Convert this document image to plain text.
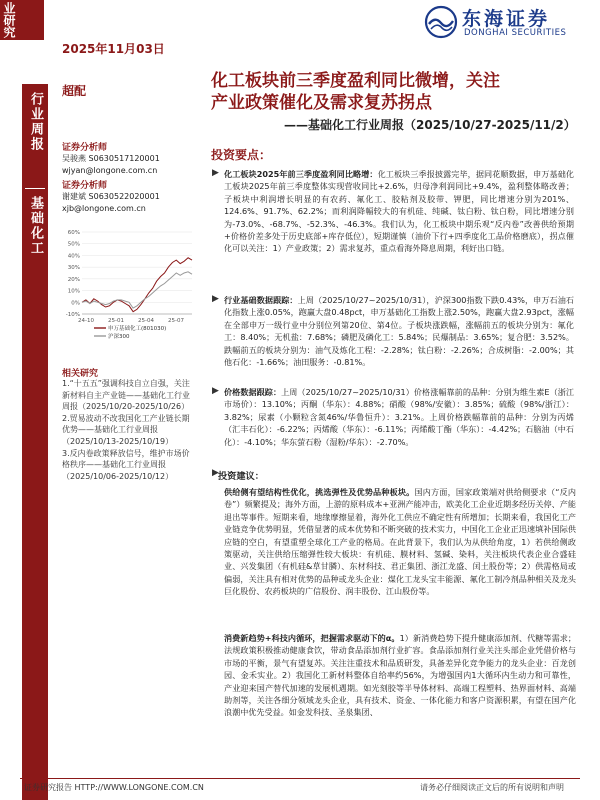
业研究
2025年11月03日
东海证券
DONGHAI SECURITIES
行业周报
基础化工
超配	化工板块前三季度盈利同比微增，关注
产业政策催化及需求复苏拐点
——基础化工行业周报（2025/10/27-2025/11/2）
证券分析师
吴骏燕 S0630517120001
wjyan@longone.com.cn
证券分析师
谢建斌 S0630522020001
xjb@longone.com.cn
60%
50%
40%
30%
20%
10%
0%
-10%
24-10	25-01	25-04	25-07
申万基础化工(801030)
沪深300
相关研究
1.“十五五”强调科技自立自强，关注新材料自主产业链——基础化工行业周报（2025/10/20-2025/10/26）
2.贸易波动不改我国化工产业链长期优势——基础化工行业周报（2025/10/13-2025/10/19）
3.反内卷政策释放信号，维护市场价格秩序——基础化工行业周报（2025/10/06-2025/10/12）
投资要点：
▶ 化工板块2025年前三季度盈利同比略增：化工板块三季报披露完毕，据同花顺数据，申万基础化工板块2025年前三季度整体实现营收同比+2.6%，归母净利润同比+9.4%，盈利整体略改善；子板块中利润增长明显的有农药、氟化工、胶粘剂及胶带、钾肥，同比增速分别为201%、124.6%、91.7%、62.2%；而利润降幅较大的有机硅、纯碱、钛白粉、钛白粉，同比增速分别为-73.0%、-68.7%、-52.3%、-46.3%。我们认为，化工板块中期乐观“反内卷”改善供给预期+价格价差多处于历史底部+库存低位），短期谨慎（油价下行+四季度化工品价格磨底），拐点催化可以关注：1）产业政策；2）需求复苏，重点看海外降息周期，利好出口链。
▶ 行业基础数据跟踪：上周（2025/10/27~2025/10/31），沪深300指数下跌0.43%，申万石油石化指数上涨0.05%，跑赢大盘0.48pct，申万基础化工指数上涨2.50%，跑赢大盘2.93pct，涨幅在全部申万一级行业中分别位列第20位、第4位。子板块涨跌幅，涨幅前五的板块分别为：氟化工：8.40%；无机盐：7.68%；磷肥及磷化工：5.84%；民爆制品：3.65%；复合肥：3.52%。跌幅前五的板块分别为：油气及炼化工程：-2.28%；钛白粉：-2.26%；合成树脂：-2.00%；其他石化：-1.66%；油田服务：-0.81%。
▶ 价格数据跟踪：上周（2025/10/27~2025/10/31）价格涨幅靠前的品种：分别为维生素E（浙江市场价）：13.10%；丙酮（华东）：4.88%；硝酸（98%/安徽）：3.85%；硫酸（98%/浙江）：3.82%；尿素（小颗粒含氮46%/华鲁恒升）：3.21%。上周价格跌幅靠前的品种：分别为丙烯（汇丰石化）：-6.22%；丙烯酸（华东）：-6.11%；丙烯酸丁酯（华东）：-4.42%；石脑油（中石化）：-4.10%；华东萤石粉（湿粉/华东）：-2.70%。
▶ 投资建议：
供给侧有望结构性优化，挑选弹性及优势品种板块。国内方面，国家政策端对供给侧要求（“反内卷”）频繁提及；海外方面，上游的原料成本+亚洲产能冲击，欧美化工企业近期多经历关停、产能退出等事件。短期来看，地缘摩擦显着，海外化工供应不确定性有所增加；长期来看，我国化工产业链竞争优势明显，凭借显著的成本优势和不断突破的技术实力，中国化工企业正迅速填补国际供应链的空白，有望重塑全球化工产业的格局。在此背景下，我们认为从供给角度，1）若供给侧政策驱动，关注供给压缩弹性较大板块：有机硅、膜材料、氢碱、染料，关注板块代表企业合盛硅业、兴发集团（有机硅&草甘膦）、东材科技、君正集团、浙江龙盛、闰土股份等；2）供需格局或偏弱，关注具有相对优势的品种或龙头企业：煤化工龙头宝丰能源、氟化工制冷剂品种相关及龙头巨化股份、农药板块的广信股份、润丰股份、江山股份等。
消费新趋势+科技内循环，把握需求驱动下的α。1）新消费趋势下提升健康添加剂、代糖等需求；法规政策积极推动健康食饮，带动食品添加剂行业扩容。食品添加剂行业关注头部企业凭借价格与市场的平衡，景气有望复苏。关注注重技术和品质研发，具备差异化竞争能力的龙头企业：百龙创园、金禾实业。2）我国化工新材料整体自给率约56%，为增强国内1大循环内生动力和可靠性，产业迎来国产替代加速的发展机遇期。如光刻胶等半导体材料、高端工程塑料、热界面材料、高端助剂等，关注各细分领域龙头企业，具有技术、资金、一体化能力和客户资源积累，有望在国产化浪潮中优先受益。如金发科技、圣泉集团、
证券研究报告 HTTP://WWW.LONGONE.COM.CN	请务必仔细阅读正文后的所有说明和声明
